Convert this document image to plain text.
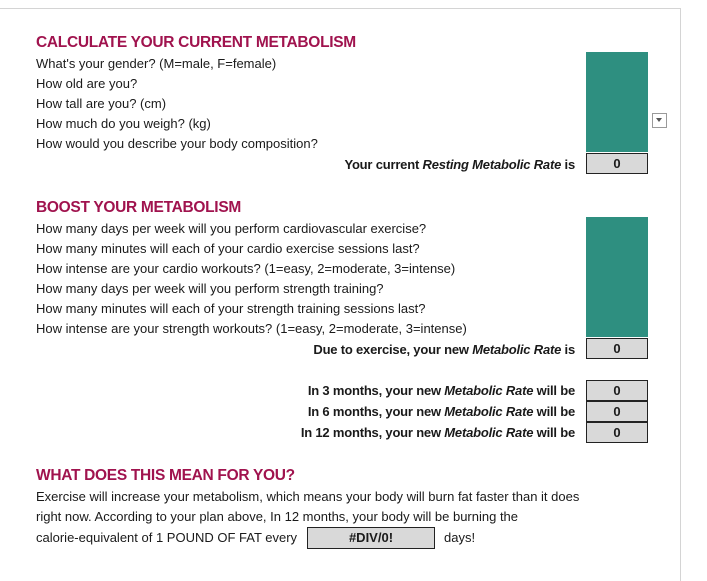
CALCULATE YOUR CURRENT METABOLISM
What's your gender? (M=male, F=female)
How old are you?
How tall are you? (cm)
How much do you weigh? (kg)
How would you describe your body composition?
Your current Resting Metabolic Rate is	0
BOOST YOUR METABOLISM
How many days per week will you perform cardiovascular exercise?
How many minutes will each of your cardio exercise sessions last?
How intense are your cardio workouts? (1=easy, 2=moderate, 3=intense)
How many days per week will you perform strength training?
How many minutes will each of your strength training sessions last?
How intense are your strength workouts? (1=easy, 2=moderate, 3=intense)
Due to exercise, your new Metabolic Rate is	0
In 3 months, your new Metabolic Rate will be	0
In 6 months, your new Metabolic Rate will be	0
In 12 months, your new Metabolic Rate will be	0
WHAT DOES THIS MEAN FOR YOU?
Exercise will increase your metabolism, which means your body will burn fat faster than it does
right now. According to your plan above, In 12 months, your body will be burning the
calorie-equivalent of 1 POUND OF FAT every	#DIV/0!	days!
